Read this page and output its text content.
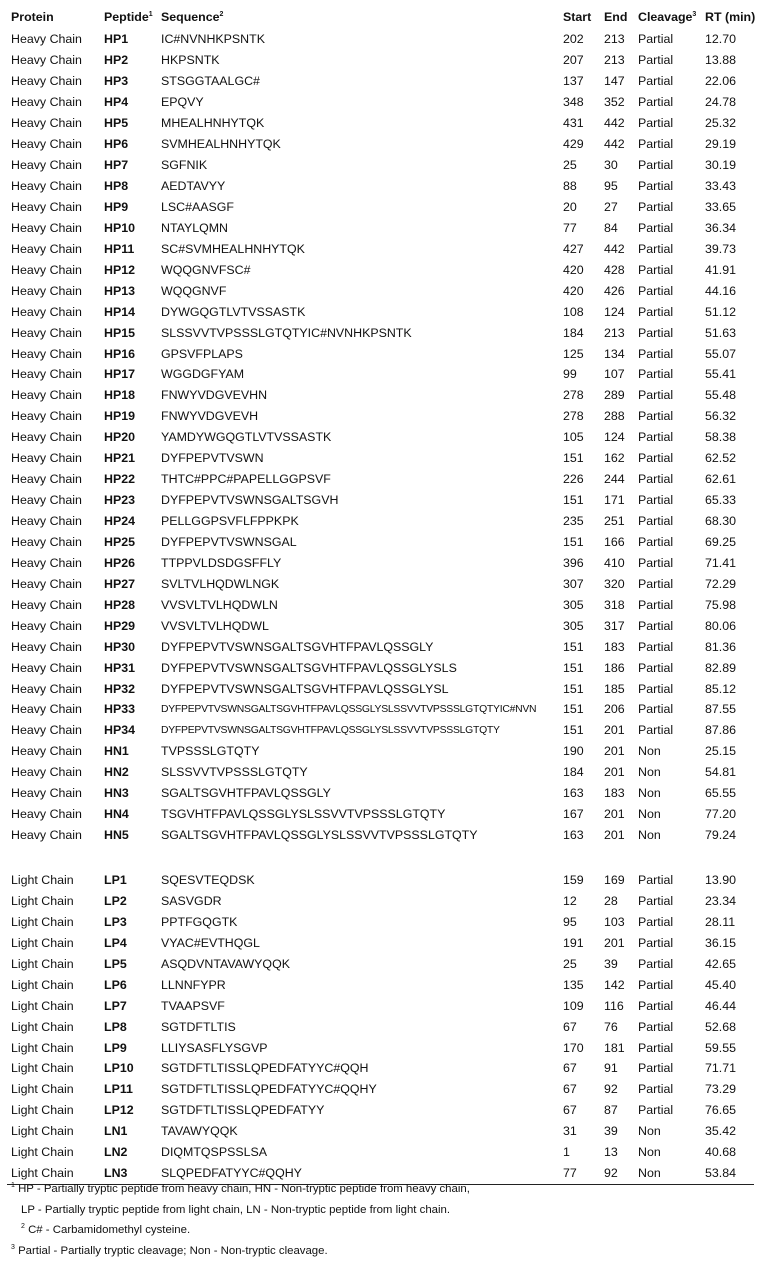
Protein	Peptide$^1$	Sequence$^2$	Start	End	Cleavage$^3$	RT (min)
Heavy Chain	HP1	IC#NVNHKPSNTK	202	213	Partial	12.70
Heavy Chain	HP2	HKPSNTK	207	213	Partial	13.88
Heavy Chain	HP3	STSGGTAALGC#	137	147	Partial	22.06
Heavy Chain	HP4	EPQVY	348	352	Partial	24.78
Heavy Chain	HP5	MHEALHNHYTQK	431	442	Partial	25.32
Heavy Chain	HP6	SVMHEALHNHYTQK	429	442	Partial	29.19
Heavy Chain	HP7	SGFNIK	25	30	Partial	30.19
Heavy Chain	HP8	AEDTAVYY	88	95	Partial	33.43
Heavy Chain	HP9	LSC#AASGF	20	27	Partial	33.65
Heavy Chain	HP10	NTAYLQMN	77	84	Partial	36.34
Heavy Chain	HP11	SC#SVMHEALHNHYTQK	427	442	Partial	39.73
Heavy Chain	HP12	WQQGNVFSC#	420	428	Partial	41.91
Heavy Chain	HP13	WQQGNVF	420	426	Partial	44.16
Heavy Chain	HP14	DYWGQGTLVTVSSASTK	108	124	Partial	51.12
Heavy Chain	HP15	SLSSVVTVPSSSLGTQTYIC#NVNHKPSNTK	184	213	Partial	51.63
Heavy Chain	HP16	GPSVFPLAPS	125	134	Partial	55.07
Heavy Chain	HP17	WGGDGFYAM	99	107	Partial	55.41
Heavy Chain	HP18	FNWYVDGVEVHN	278	289	Partial	55.48
Heavy Chain	HP19	FNWYVDGVEVH	278	288	Partial	56.32
Heavy Chain	HP20	YAMDYWGQGTLVTVSSASTK	105	124	Partial	58.38
Heavy Chain	HP21	DYFPEPVTVSWN	151	162	Partial	62.52
Heavy Chain	HP22	THTC#PPC#PAPELLGGPSVF	226	244	Partial	62.61
Heavy Chain	HP23	DYFPEPVTVSWNSGALTSGVH	151	171	Partial	65.33
Heavy Chain	HP24	PELLGGPSVFLFPPKPK	235	251	Partial	68.30
Heavy Chain	HP25	DYFPEPVTVSWNSGAL	151	166	Partial	69.25
Heavy Chain	HP26	TTPPVLDSDGSFFLY	396	410	Partial	71.41
Heavy Chain	HP27	SVLTVLHQDWLNGK	307	320	Partial	72.29
Heavy Chain	HP28	VVSVLTVLHQDWLN	305	318	Partial	75.98
Heavy Chain	HP29	VVSVLTVLHQDWL	305	317	Partial	80.06
Heavy Chain	HP30	DYFPEPVTVSWNSGALTSGVHTFPAVLQSSGLY	151	183	Partial	81.36
Heavy Chain	HP31	DYFPEPVTVSWNSGALTSGVHTFPAVLQSSGLYSLS	151	186	Partial	82.89
Heavy Chain	HP32	DYFPEPVTVSWNSGALTSGVHTFPAVLQSSGLYSL	151	185	Partial	85.12
Heavy Chain	HP33	DYFPEPVTVSWNSGALTSGVHTFPAVLQSSGLYSLSSVVTVPSSSLGTQTYIC#NVN	151	206	Partial	87.55
Heavy Chain	HP34	DYFPEPVTVSWNSGALTSGVHTFPAVLQSSGLYSLSSVVTVPSSSLGTQTY	151	201	Partial	87.86
Heavy Chain	HN1	TVPSSSLGTQTY	190	201	Non	25.15
Heavy Chain	HN2	SLSSVVTVPSSSLGTQTY	184	201	Non	54.81
Heavy Chain	HN3	SGALTSGVHTFPAVLQSSGLY	163	183	Non	65.55
Heavy Chain	HN4	TSGVHTFPAVLQSSGLYSLSSVVTVPSSSLGTQTY	167	201	Non	77.20
Heavy Chain	HN5	SGALTSGVHTFPAVLQSSGLYSLSSVVTVPSSSLGTQTY	163	201	Non	79.24

Light Chain	LP1	SQESVTEQDSK	159	169	Partial	13.90
Light Chain	LP2	SASVGDR	12	28	Partial	23.34
Light Chain	LP3	PPTFGQGTK	95	103	Partial	28.11
Light Chain	LP4	VYAC#EVTHQGL	191	201	Partial	36.15
Light Chain	LP5	ASQDVNTAVAWYQQK	25	39	Partial	42.65
Light Chain	LP6	LLNNFYPR	135	142	Partial	45.40
Light Chain	LP7	TVAAPSVF	109	116	Partial	46.44
Light Chain	LP8	SGTDFTLTIS	67	76	Partial	52.68
Light Chain	LP9	LLIYSASFLYSGVP	170	181	Partial	59.55
Light Chain	LP10	SGTDFTLTISSLQPEDFATYYC#QQH	67	91	Partial	71.71
Light Chain	LP11	SGTDFTLTISSLQPEDFATYYC#QQHY	67	92	Partial	73.29
Light Chain	LP12	SGTDFTLTISSLQPEDFATYY	67	87	Partial	76.65
Light Chain	LN1	TAVAWYQQK	31	39	Non	35.42
Light Chain	LN2	DIQMTQSPSSLSA	1	13	Non	40.68
Light Chain	LN3	SLQPEDFATYYC#QQHY	77	92	Non	53.84
$^1$ HP - Partially tryptic peptide from heavy chain, HN - Non-tryptic peptide from heavy chain,
LP - Partially tryptic peptide from light chain, LN - Non-tryptic peptide from light chain.
$^2$ C# - Carbamidomethyl cysteine.
$^3$ Partial - Partially tryptic cleavage; Non - Non-tryptic cleavage.
